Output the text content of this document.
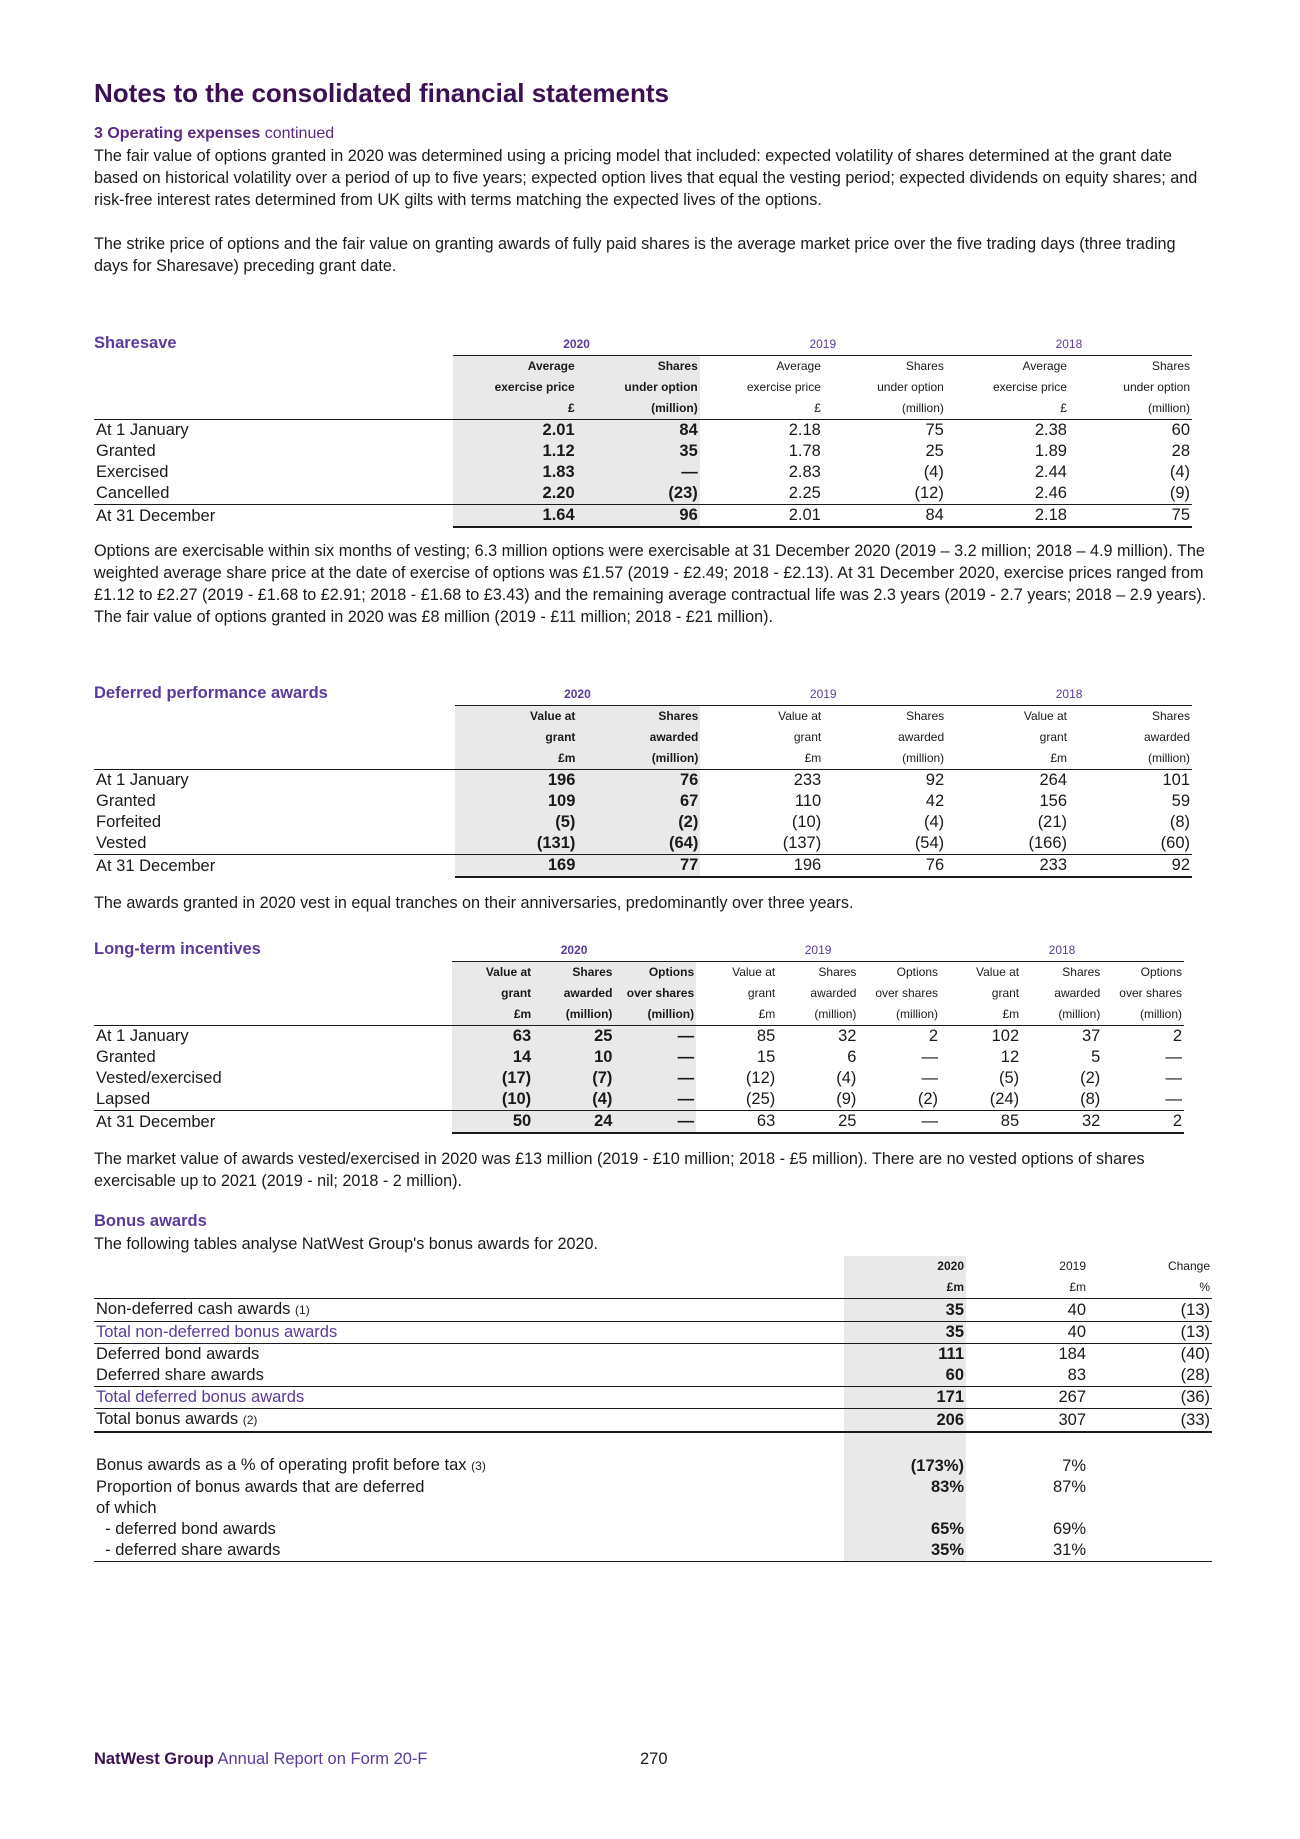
Notes to the consolidated financial statements
3 Operating expenses continued

The fair value of options granted in 2020 was determined using a pricing model that included: expected volatility of shares determined at the grant date based on historical volatility over a period of up to five years; expected option lives that equal the vesting period; expected dividends on equity shares; and risk-free interest rates determined from UK gilts with terms matching the expected lives of the options.

The strike price of options and the fair value on granting awards of fully paid shares is the average market price over the five trading days (three trading days for Sharesave) preceding grant date.

Sharesave
		2020		2019		2018	
	Average	Shares	Average	Shares	Average	Shares
	exercise price	under option	exercise price	under option	exercise price	under option
	£	(million)	£	(million)	£	(million)
At 1 January	2.01	84	2.18	75	2.38	60
Granted	1.12	35	1.78	25	1.89	28
Exercised	1.83	—	2.83	(4)	2.44	(4)
Cancelled	2.20	(23)	2.25	(12)	2.46	(9)
At 31 December	1.64	96	2.01	84	2.18	75

Options are exercisable within six months of vesting; 6.3 million options were exercisable at 31 December 2020 (2019 – 3.2 million; 2018 – 4.9 million). The weighted average share price at the date of exercise of options was £1.57 (2019 - £2.49; 2018 - £2.13). At 31 December 2020, exercise prices ranged from £1.12 to £2.27 (2019 - £1.68 to £2.91; 2018 - £1.68 to £3.43) and the remaining average contractual life was 2.3 years (2019 - 2.7 years; 2018 – 2.9 years). The fair value of options granted in 2020 was £8 million (2019 - £11 million; 2018 - £21 million).

Deferred performance awards
		2020		2019		2018	
	Value at	Shares	Value at	Shares	Value at	Shares
	grant	awarded	grant	awarded	grant	awarded
	£m	(million)	£m	(million)	£m	(million)
At 1 January	196	76	233	92	264	101
Granted	109	67	110	42	156	59
Forfeited	(5)	(2)	(10)	(4)	(21)	(8)
Vested	(131)	(64)	(137)	(54)	(166)	(60)
At 31 December	169	77	196	76	233	92

The awards granted in 2020 vest in equal tranches on their anniversaries, predominantly over three years.

Long-term incentives
		2020			2019			2018		
	Value at	Shares	Options	Value at	Shares	Options	Value at	Shares	Options
	grant	awarded	over shares	grant	awarded	over shares	grant	awarded	over shares
	£m	(million)	(million)	£m	(million)	(million)	£m	(million)	(million)
At 1 January	63	25	—	85	32	2	102	37	2
Granted	14	10	—	15	6	—	12	5	—
Vested/exercised	(17)	(7)	—	(12)	(4)	—	(5)	(2)	—
Lapsed	(10)	(4)	—	(25)	(9)	(2)	(24)	(8)	—
At 31 December	50	24	—	63	25	—	85	32	2

The market value of awards vested/exercised in 2020 was £13 million (2019 - £10 million; 2018 - £5 million). There are no vested options of shares exercisable up to 2021 (2019 - nil; 2018 - 2 million).

Bonus awards

The following tables analyse NatWest Group's bonus awards for 2020.

	2020	2019	Change
	£m	£m	%
Non-deferred cash awards (1)	35	40	(13)
Total non-deferred bonus awards	35	40	(13)
Deferred bond awards	111	184	(40)
Deferred share awards	60	83	(28)
Total deferred bonus awards	171	267	(36)
Total bonus awards (2)	206	307	(33)

Bonus awards as a % of operating profit before tax (3)	(173%)	7%	
Proportion of bonus awards that are deferred	83%	87%	
of which			
- deferred bond awards	65%	69%	
- deferred share awards	35%	31%	
NatWest Group Annual Report on Form 20-F	270
